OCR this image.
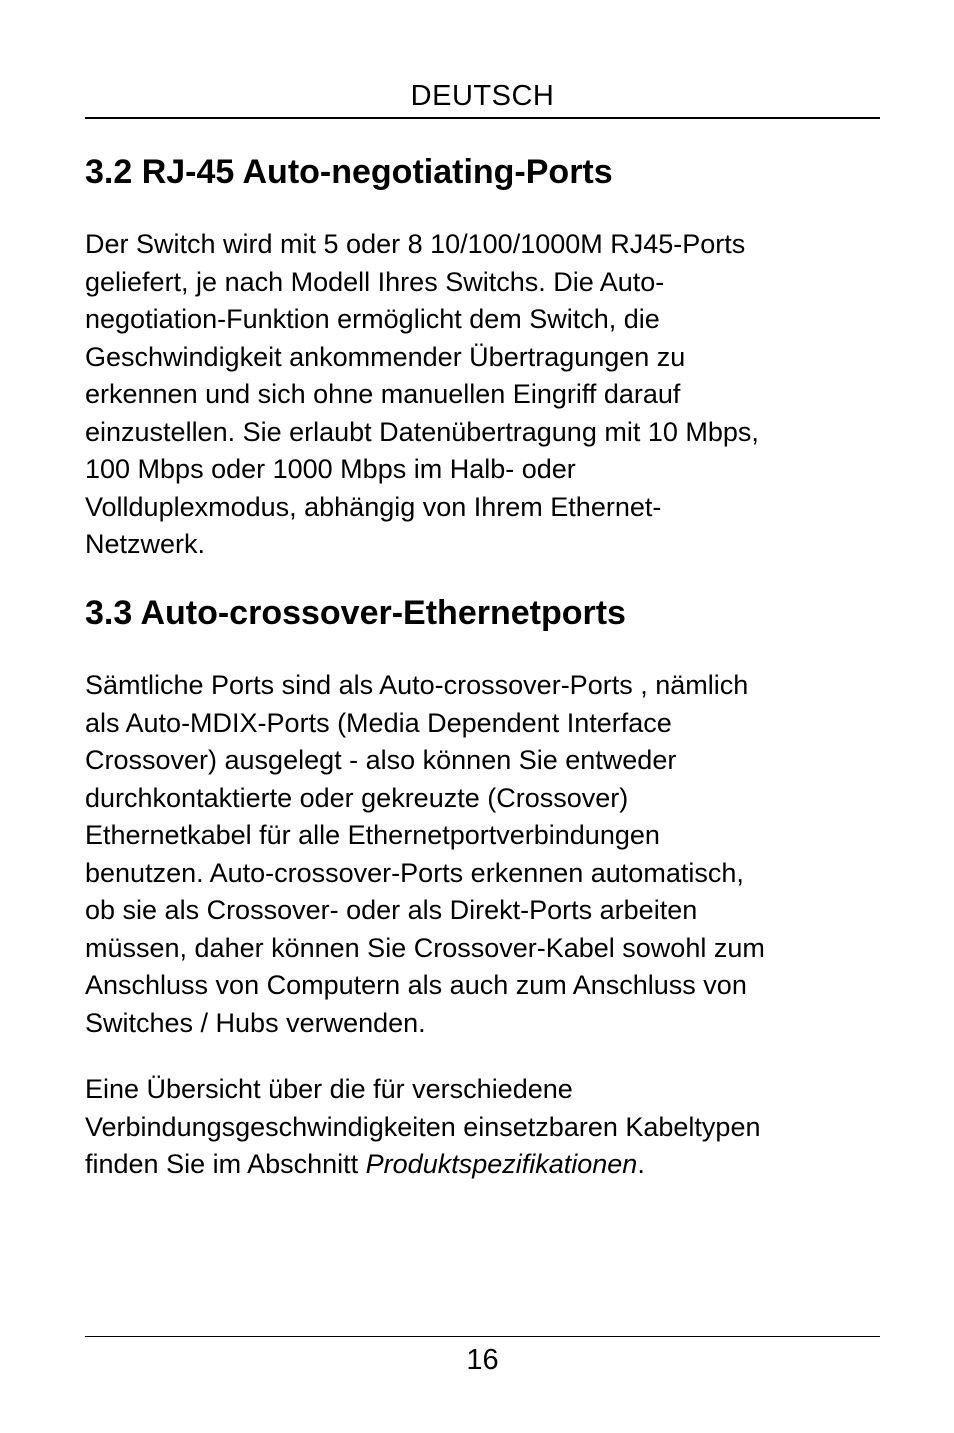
DEUTSCH
3.2 RJ-45 Auto-negotiating-Ports
Der Switch wird mit 5 oder 8 10/100/1000M RJ45-Ports
geliefert, je nach Modell Ihres Switchs. Die Auto-
negotiation-Funktion ermöglicht dem Switch, die
Geschwindigkeit ankommender Übertragungen zu
erkennen und sich ohne manuellen Eingriff darauf
einzustellen. Sie erlaubt Datenübertragung mit 10 Mbps,
100 Mbps oder 1000 Mbps im Halb- oder
Vollduplexmodus, abhängig von Ihrem Ethernet-
Netzwerk.
3.3 Auto-crossover-Ethernetports
Sämtliche Ports sind als Auto-crossover-Ports , nämlich
als Auto-MDIX-Ports (Media Dependent Interface
Crossover) ausgelegt - also können Sie entweder
durchkontaktierte oder gekreuzte (Crossover)
Ethernetkabel für alle Ethernetportverbindungen
benutzen. Auto-crossover-Ports erkennen automatisch,
ob sie als Crossover- oder als Direkt-Ports arbeiten
müssen, daher können Sie Crossover-Kabel sowohl zum
Anschluss von Computern als auch zum Anschluss von
Switches / Hubs verwenden.
Eine Übersicht über die für verschiedene
Verbindungsgeschwindigkeiten einsetzbaren Kabeltypen
finden Sie im Abschnitt Produktspezifikationen.
16
